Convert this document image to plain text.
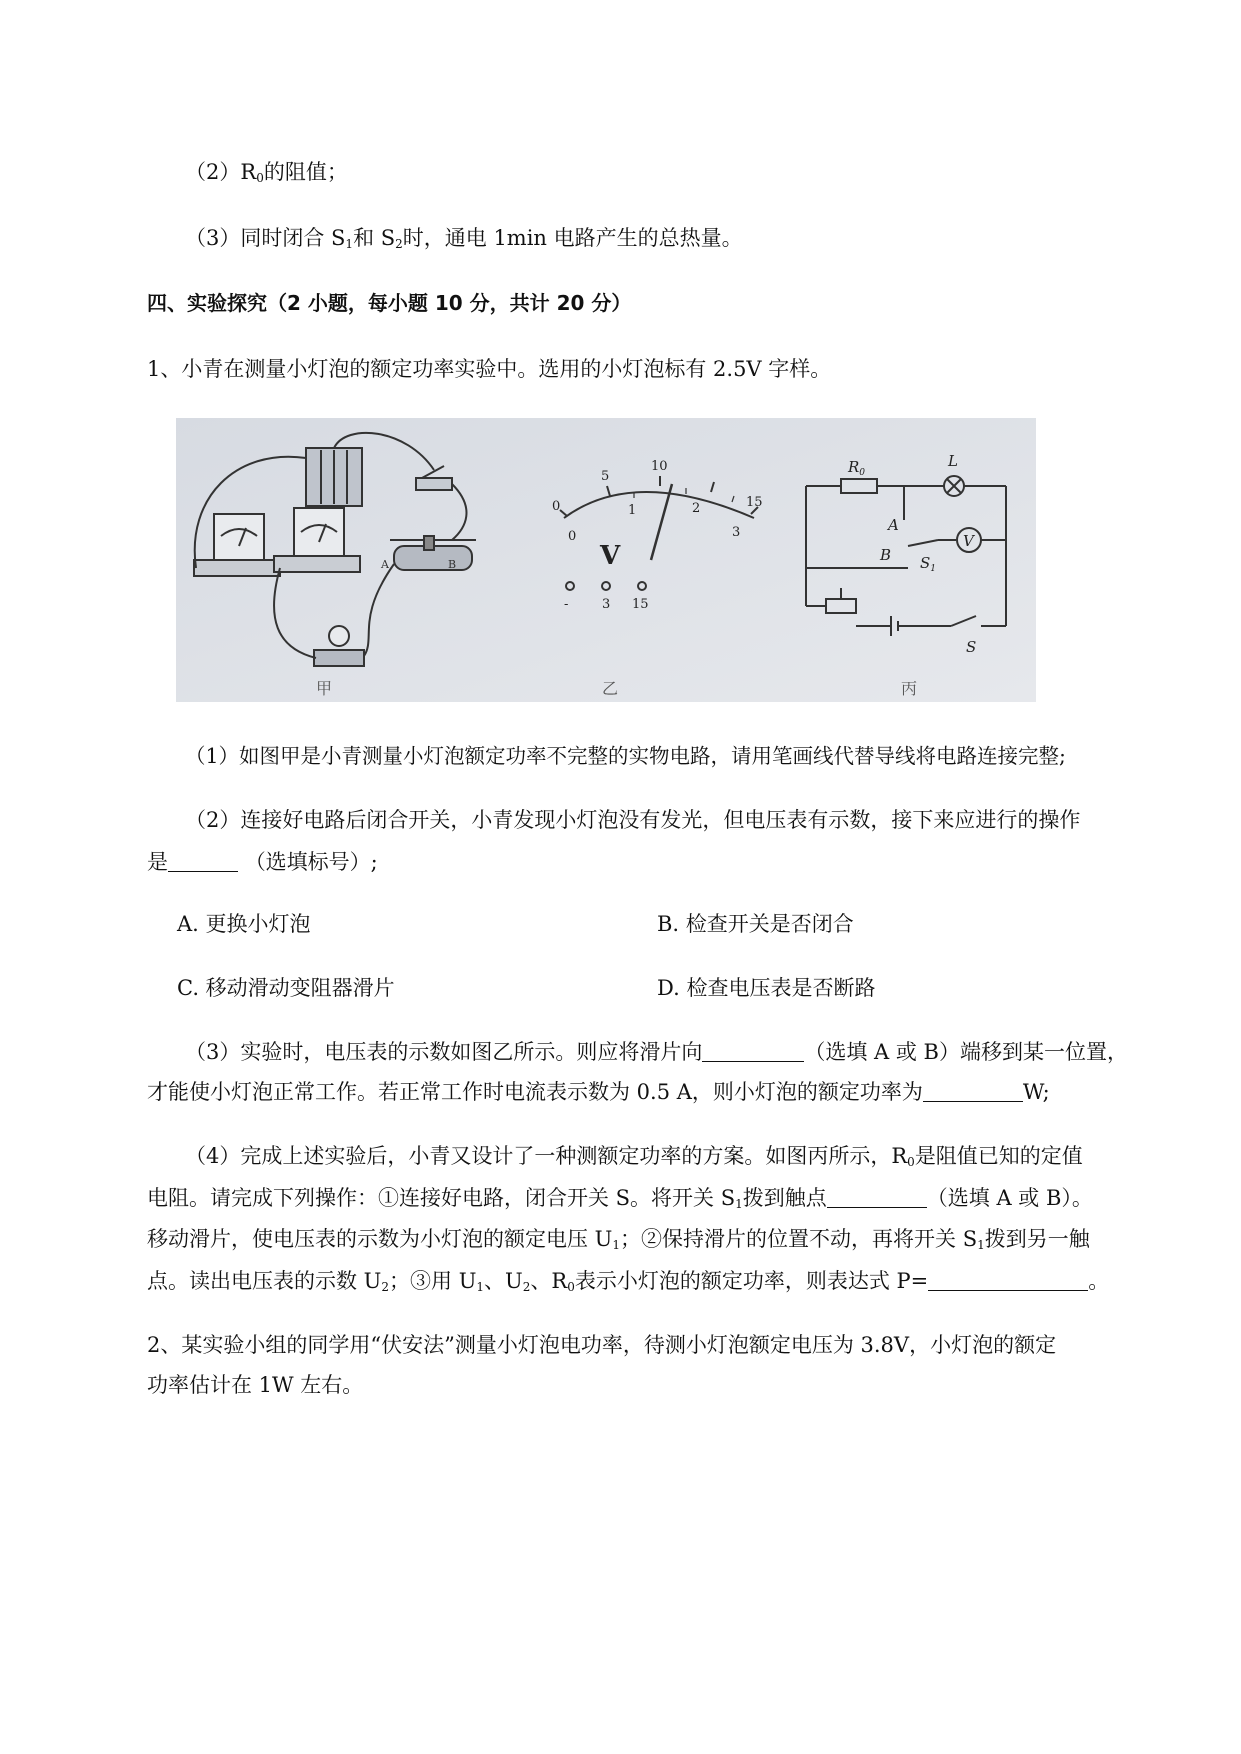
$(2)R_0$的阻值；
（3）同时闭合 $S_1$和 $S_2$时，通电 1min 电路产生的总热量。
四、实验探究（2 小题，每小题 10 分，共计 20 分）
1、小青在测量小灯泡的额定功率实验中。选用的小灯泡标有 2.5V 字样。
A	B
甲
5
10
15
0
0
1	2
3
-	3 15
V
乙
$R_0$
L
A
B $S_1$
V
S
丙
（1）如图甲是小青测量小灯泡额定功率不完整的实物电路，请用笔画线代替导线将电路连接完整;
（2）连接好电路后闭合开关，小青发现小灯泡没有发光，但电压表有示数，接下来应进行的操作
是	（选填标号）;
A. 更换小灯泡	B. 检查开关是否闭合
C. 移动滑动变阻器滑片	D. 检查电压表是否断路
（3）实验时，电压表的示数如图乙所示。则应将滑片向	（选填 A 或 B）端移到某一位置，
才能使小灯泡正常工作。若正常工作时电流表示数为 0.5 A，则小灯泡的额定功率为	W;
（4）完成上述实验后，小青又设计了一种测额定功率的方案。如图丙所示，$R_0$是阻值已知的定值
电阻。请完成下列操作：①连接好电路，闭合开关 S。将开关 $S_1$拨到触点	（选填 A 或 B）。
移动滑片，使电压表的示数为小灯泡的额定电压 $U_1$；②保持滑片的位置不动，再将开关 $S_1$拨到另一触
点。读出电压表的示数 $U_2$；③用 $U_1$、$U_2$、$R_0$表示小灯泡的额定功率，则表达式 P=	。
2、某实验小组的同学用“伏安法”测量小灯泡电功率，待测小灯泡额定电压为 3.8V，小灯泡的额定
功率估计在 1W 左右。
